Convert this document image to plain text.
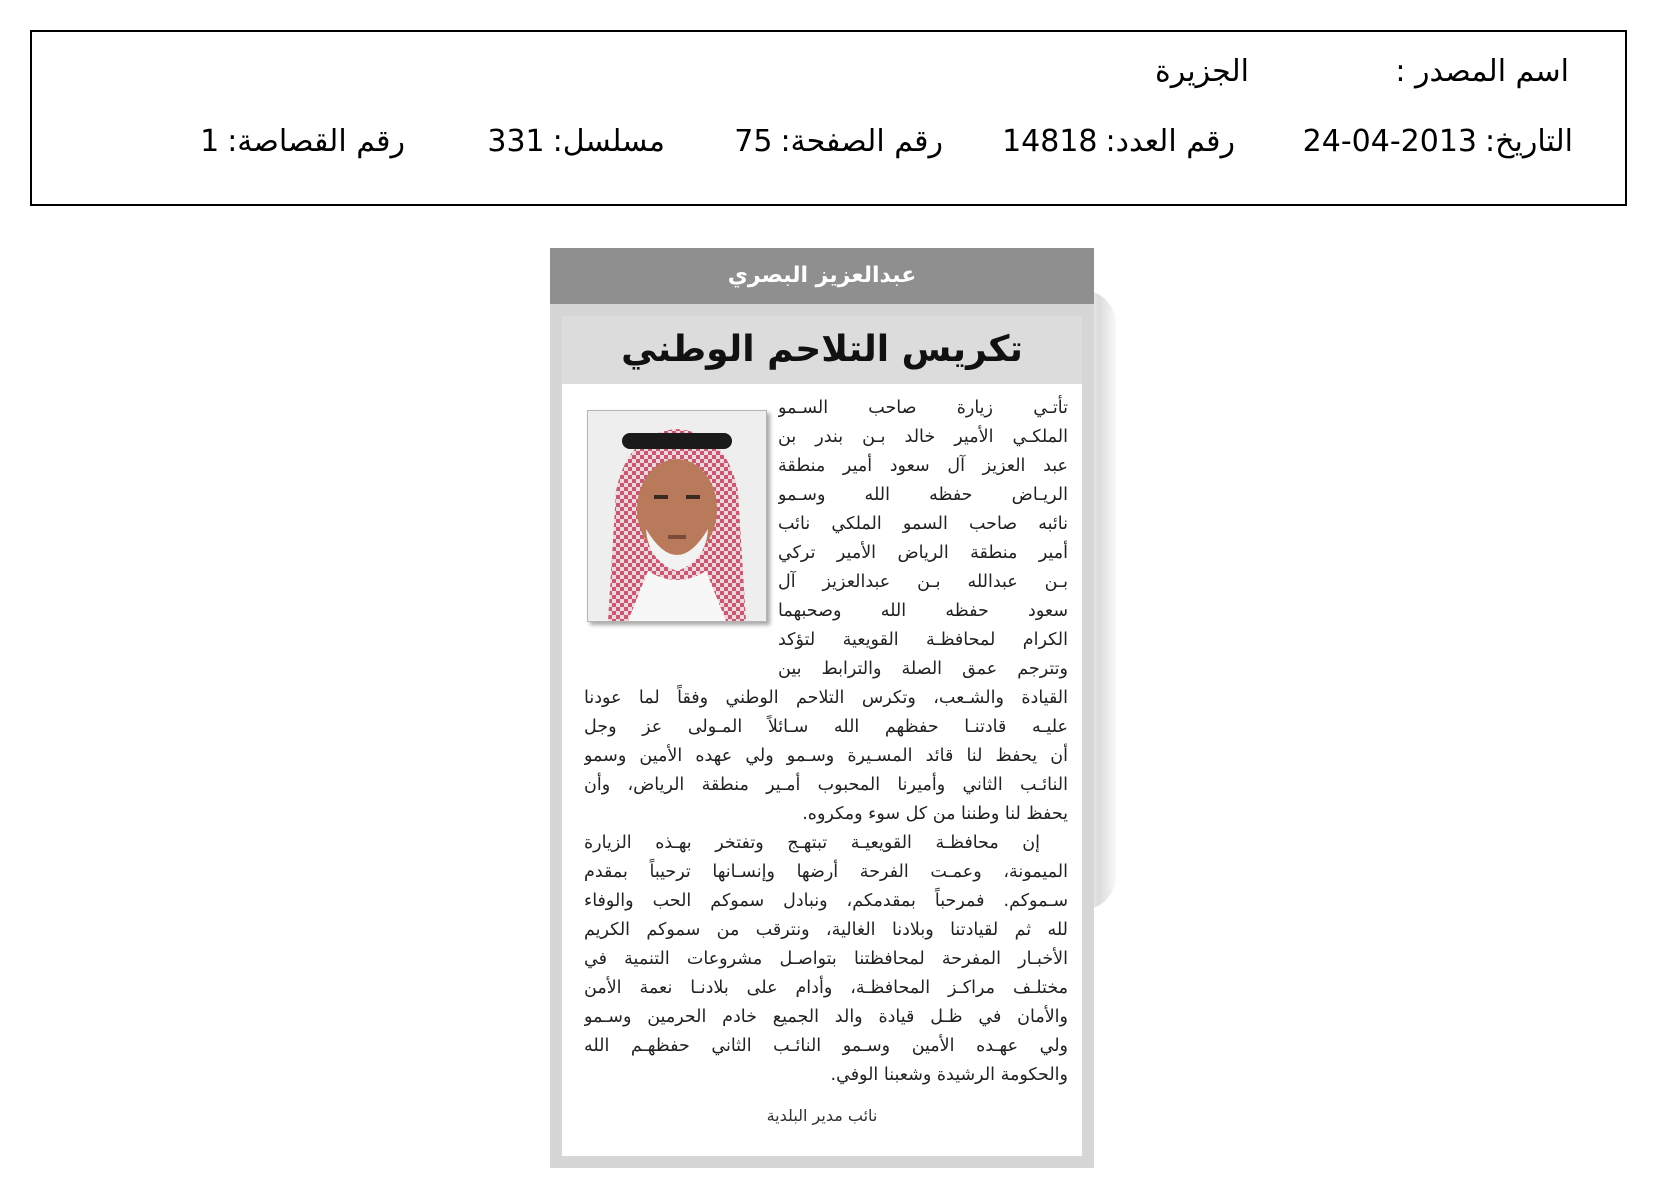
اسم المصدر :
الجزيرة
التاريخ:2013-04-24
رقم العدد:14818
رقم الصفحة:75
مسلسل:331
رقم القصاصة:1
عبدالعزيز البصري
تكريس التلاحم الوطني
تأتـي زيارة صاحب السـمو
الملكـي الأمير خالد بـن بندر بن
عبد العزيز آل سعود أمير منطقة
الريـاض حفظه الله وسـمو
نائبه صاحب السمو الملكي نائب
أمير منطقة الرياض الأمير تركي
بـن عبدالله بـن عبدالعزيز آل
سعود حفظه الله وصحبهما
الكرام لمحافظـة القويعية لتؤكد
وتترجم عمق الصلة والترابط بين
القيادة والشـعب، وتكرس التلاحم الوطني وفقاً لما عودنا
عليـه قادتنـا حفظهم الله سـائلاً المـولى عز وجل
أن يحفظ لنا قائد المسـيرة وسـمو ولي عهده الأمين وسمو
النائـب الثاني وأميرنا المحبوب أمـير منطقة الرياض، وأن
يحفظ لنا وطننا من كل سوء ومكروه.
إن محافظـة القويعيـة تبتهـج وتفتخر بهـذه الزيارة
الميمونة، وعمـت الفرحة أرضها وإنسـانها ترحيباً بمقدم
سـموكم. فمرحباً بمقدمكم، ونبادل سموكم الحب والوفاء
لله ثم لقيادتنا وبلادنا الغالية، ونترقب من سموكم الكريم
الأخبـار المفرحة لمحافظتنا بتواصـل مشروعات التنمية في
مختلـف مراكـز المحافظـة، وأدام على بلادنـا نعمة الأمن
والأمان في ظـل قيادة والد الجميع خادم الحرمين وسـمو
ولي عهـده الأمين وسـمو النائـب الثاني حفظهـم الله
والحكومة الرشيدة وشعبنا الوفي.
نائب مدير البلدية
